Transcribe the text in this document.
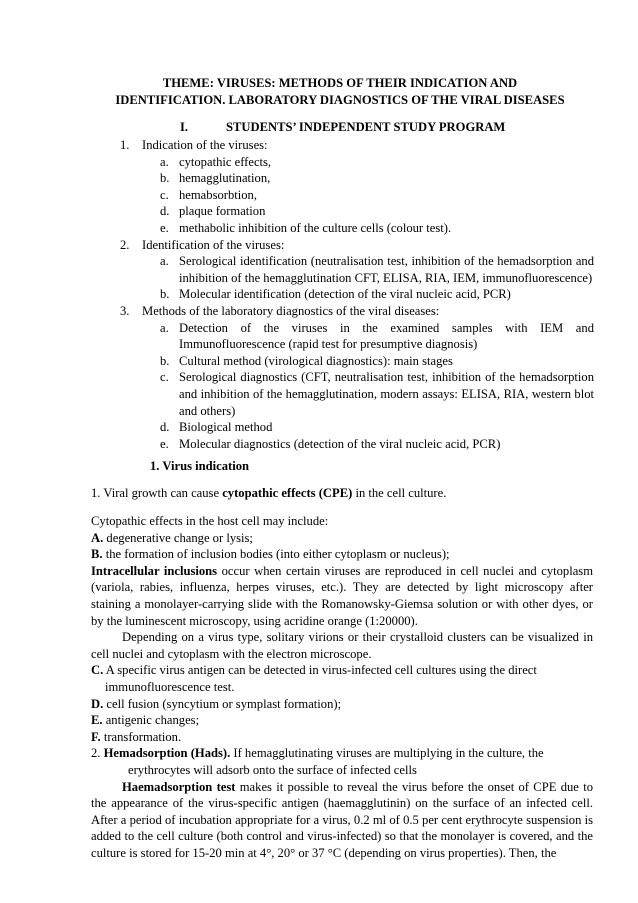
THEME: VIRUSES: METHODS OF THEIR INDICATION AND
IDENTIFICATION. LABORATORY DIAGNOSTICS OF THE VIRAL DISEASES
I.	STUDENTS’ INDEPENDENT STUDY PROGRAM
1. Indication of the viruses:
a. cytopathic effects,
b. hemagglutination,
c. hemabsorbtion,
d. plaque formation
e. methabolic inhibition of the culture cells (colour test).
2. Identification of the viruses:
a. Serological identification (neutralisation test, inhibition of the hemadsorption and inhibition of the hemagglutination CFT, ELISA, RIA, IEM, immunofluorescence)
b. Molecular identification (detection of the viral nucleic acid, PCR)
3. Methods of the laboratory diagnostics of the viral diseases:
a. Detection of the viruses in the examined samples with IEM and Immunofluorescence (rapid test for presumptive diagnosis)
b. Cultural method (virological diagnostics): main stages
c. Serological diagnostics (CFT, neutralisation test, inhibition of the hemadsorption and inhibition of the hemagglutination, modern assays: ELISA, RIA, western blot and others)
d. Biological method
e. Molecular diagnostics (detection of the viral nucleic acid, PCR)
1. Virus indication

1. Viral growth can cause cytopathic effects (CPE) in the cell culture.

Cytopathic effects in the host cell may include:

A. degenerative change or lysis;

B. the formation of inclusion bodies (into either cytoplasm or nucleus);

Intracellular inclusions occur when certain viruses are reproduced in cell nuclei and cytoplasm (variola, rabies, influenza, herpes viruses, etc.). They are detected by light microscopy after staining a monolayer-carrying slide with the Romanowsky-Giemsa solution or with other dyes, or by the luminescent microscopy, using acridine orange (1:20000).

Depending on a virus type, solitary virions or their crystalloid clusters can be visualized in cell nuclei and cytoplasm with the electron microscope.

C. A specific virus antigen can be detected in virus-infected cell cultures using the direct

immunofluorescence test.

D. cell fusion (syncytium or symplast formation);

E. antigenic changes;

F. transformation.

2. Hemadsorption (Hads). If hemagglutinating viruses are multiplying in the culture, the

erythrocytes will adsorb onto the surface of infected cells

Haemadsorption test makes it possible to reveal the virus before the onset of CPE due to the appearance of the virus-specific antigen (haemagglutinin) on the surface of an infected cell. After a period of incubation appropriate for a virus, 0.2 ml of 0.5 per cent erythrocyte suspension is added to the cell culture (both control and virus-infected) so that the monolayer is covered, and the culture is stored for 15-20 min at 4°, 20° or 37 °C (depending on virus properties). Then, the
